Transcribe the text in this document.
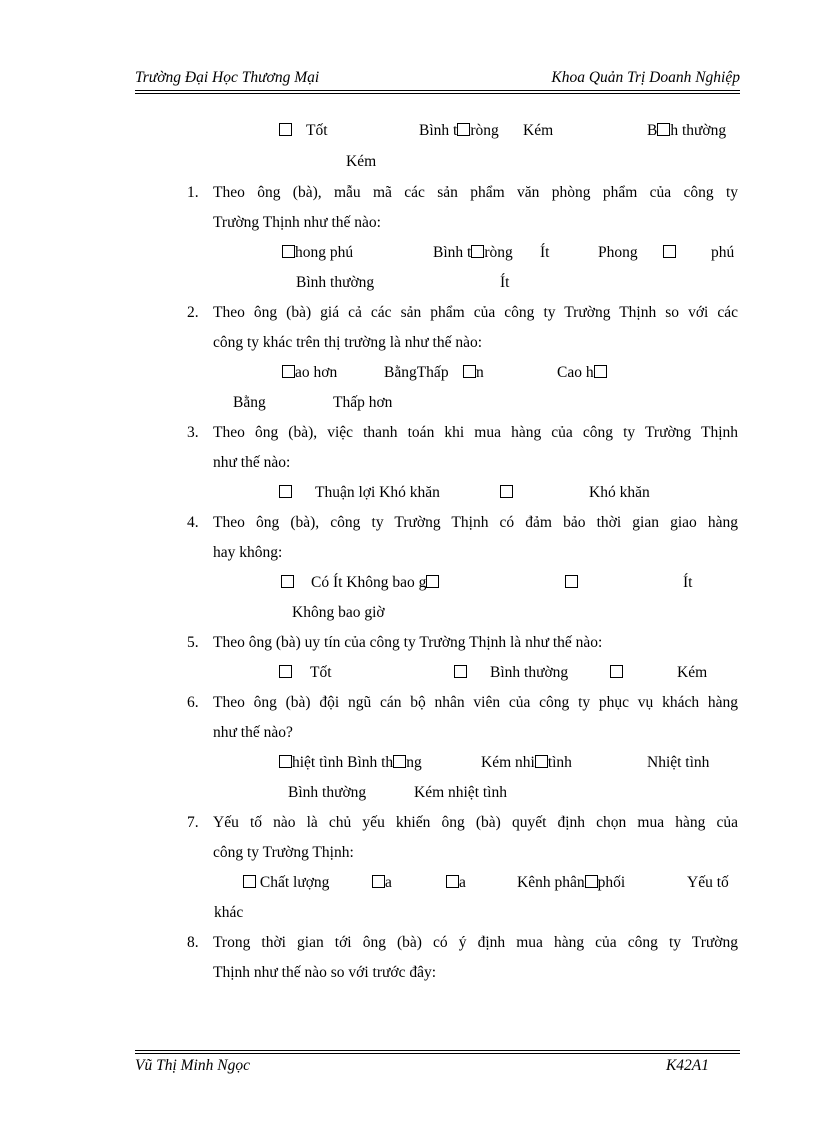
Trường Đại Học Thương Mại	Khoa Quản Trị Doanh Nghiệp
Tốt	Bình t ròng Kém	B h thường
Kém
1. Theo ông (bà), mẫu mã các sản phẩm văn phòng phẩm của công ty
Trường Thịnh như thế nào:
hong phú	Bình t ròng Ít	Phong	phú
Bình thường	Ít
2. Theo ông (bà) giá cả các sản phẩm của công ty Trường Thịnh so với các
công ty khác trên thị trường là như thế nào:
ao hơn	BằngThấp	n	Cao h
Bằng	Thấp hơn
3. Theo ông (bà), việc thanh toán khi mua hàng của công ty Trường Thịnh
như thế nào:
Thuận lợi Khó khăn	Khó khăn
4. Theo ông (bà), công ty Trường Thịnh có đảm bảo thời gian giao hàng
hay không:
Có Ít Không bao g	Ít
Không bao giờ
5. Theo ông (bà) uy tín của công ty Trường Thịnh là như thế nào:
Tốt	Bình thường	Kém
6. Theo ông (bà) đội ngũ cán bộ nhân viên của công ty phục vụ khách hàng
như thế nào?
hiệt tình Bình th ng	Kém nhi tình	Nhiệt tình
Bình thường	Kém nhiệt tình
7. Yếu tố nào là chủ yếu khiến ông (bà) quyết định chọn mua hàng của
công ty Trường Thịnh:
Chất lượng	a	a	Kênh phân phối	Yếu tố
khác
8. Trong thời gian tới ông (bà) có ý định mua hàng của công ty Trường
Thịnh như thế nào so với trước đây:
Vũ Thị Minh Ngọc	K42A1
